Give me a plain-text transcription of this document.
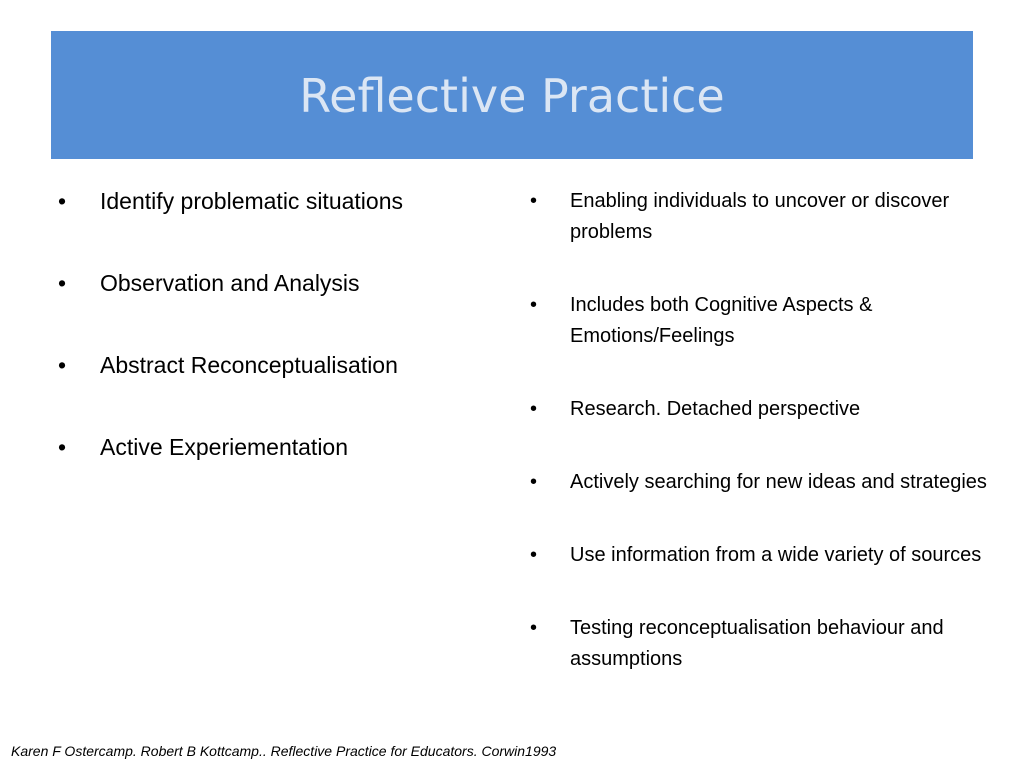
Reflective Practice
•	Identify problematic situations
•	Observation and Analysis
•	Abstract Reconceptualisation
•	Active Experiementation
•	Enabling individuals to uncover or discover problems
•	Includes both Cognitive Aspects & Emotions/Feelings
•	Research. Detached perspective
•	Actively searching for new ideas and strategies
•	Use information from a wide variety of sources
•	Testing reconceptualisation behaviour and assumptions
Karen F Ostercamp. Robert B Kottcamp.. Reflective Practice for Educators. Corwin1993
